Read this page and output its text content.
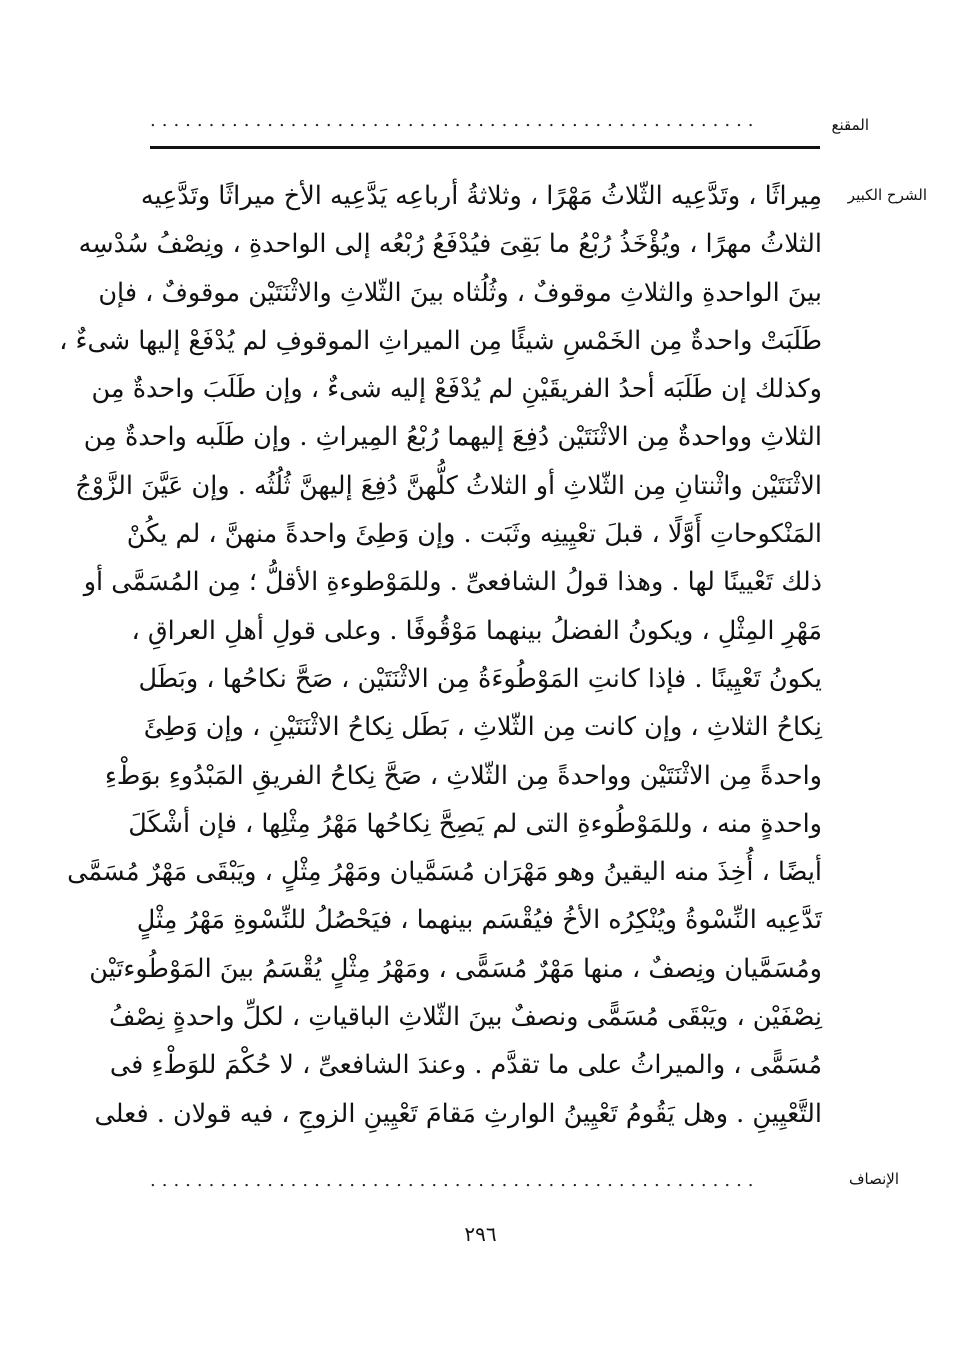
المقنع
....................................................
الشرح الكبير
مِيراثًا ، وتَدَّعِيه الثّلاثُ مَهْرًا ، وثلاثةُ أرباعِه يَدَّعِيه الأخ ميراثًا وتَدَّعِيه
الثلاثُ مهرًا ، ويُؤْخَذُ رُبْعُ ما بَقِىَ فيُدْفَعُ رُبْعُه إلى الواحدةِ ، ونِصْفُ سُدْسِه
بينَ الواحدةِ والثلاثِ موقوفٌ ، وثُلُثاه بينَ الثّلاثِ والاثْنَتَيْن موقوفٌ ، فإن
طَلَبَتْ واحدةٌ مِن الخَمْسِ شيئًا مِن الميراثِ الموقوفِ لم يُدْفَعْ إليها شىءٌ ،
وكذلك إن طَلَبَه أحدُ الفريقَيْنِ لم يُدْفَعْ إليه شىءٌ ، وإن طَلَبَ واحدةٌ مِن
الثلاثِ وواحدةٌ مِن الاثْنَتَيْن دُفِعَ إليهما رُبْعُ المِيراثِ . وإن طَلَبه واحدةٌ مِن
الاثْنَتَيْن واثْنتانِ مِن الثّلاثِ أو الثلاثُ كلُّهنَّ دُفِعَ إليهنَّ ثُلُثُه . وإن عَيَّنَ الزَّوْجُ
المَنْكوحاتِ أَوَّلًا ، قبلَ تعْيِينِه وثَبَت . وإن وَطِئَ واحدةً منهنَّ ، لم يكُنْ
ذلك تَعْيينًا لها . وهذا قولُ الشافعىِّ . وللمَوْطوءةِ الأقلُّ ؛ مِن المُسَمَّى أو
مَهْرِ المِثْلِ ، ويكونُ الفضلُ بينهما مَوْقُوفًا . وعلى قولِ أهلِ العراقِ ،
يكونُ تَعْيِينًا . فإذا كانتِ المَوْطُوءَةُ مِن الاثْنَتَيْن ، صَحَّ نكاحُها ، وبَطَل
نِكاحُ الثلاثِ ، وإن كانت مِن الثّلاثِ ، بَطَل نِكاحُ الاثْنَتَيْنِ ، وإن وَطِئَ
واحدةً مِن الاثْنَتَيْن وواحدةً مِن الثّلاثِ ، صَحَّ نِكاحُ الفريقِ المَبْدُوءِ بوَطْءِ
واحدةٍ منه ، وللمَوْطُوءةِ التى لم يَصِحَّ نِكاحُها مَهْرُ مِثْلِها ، فإن أشْكَلَ
أيضًا ، أُخِذَ منه اليقينُ وهو مَهْرَان مُسَمَّيان ومَهْرُ مِثْلٍ ، ويَبْقَى مَهْرٌ مُسَمَّى
تَدَّعِيه النِّسْوةُ ويُنْكِرُه الأخُ فيُقْسَم بينهما ، فيَحْصُلُ للنِّسْوةِ مَهْرُ مِثْلٍ
ومُسَمَّيان ونِصفٌ ، منها مَهْرٌ مُسَمًّى ، ومَهْرُ مِثْلٍ يُقْسَمُ بينَ المَوْطُوءتَيْن
نِصْفَيْن ، ويَبْقَى مُسَمًّى ونصفٌ بينَ الثّلاثِ الباقياتِ ، لكلِّ واحدةٍ نِصْفُ
مُسَمًّى ، والميراثُ على ما تقدَّم . وعندَ الشافعىِّ ، لا حُكْمَ للوَطْءِ فى
التَّعْيِينِ . وهل يَقُومُ تَعْيِينُ الوارثِ مَقامَ تَعْيِينِ الزوجِ ، فيه قولان . فعلى
الإنصاف
....................................................
٢٩٦
